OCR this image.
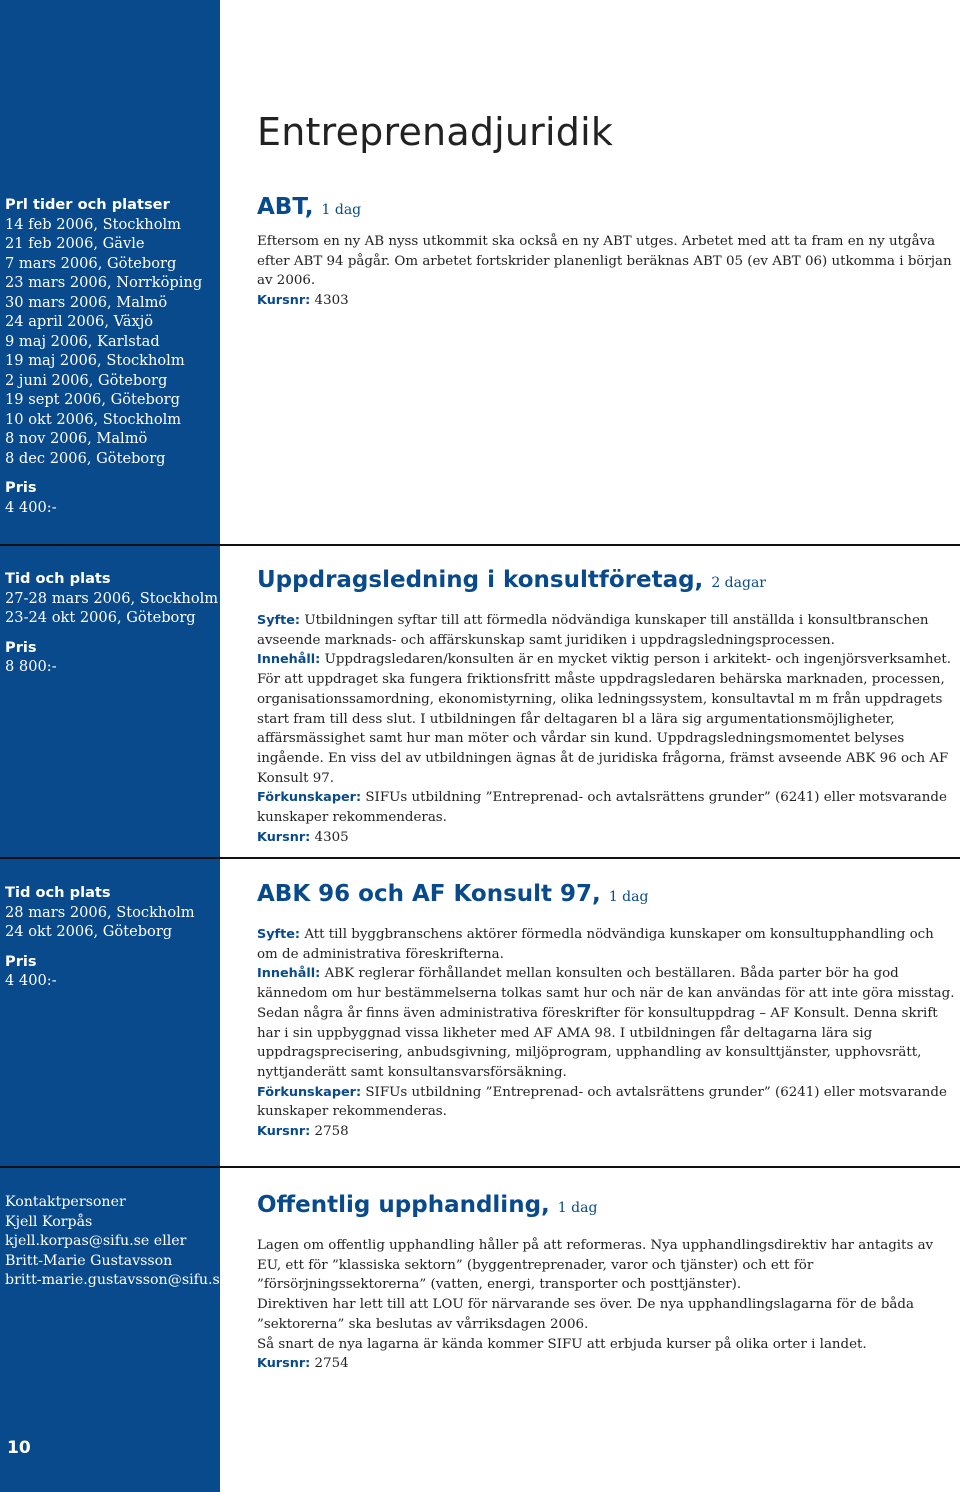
Entreprenadjuridik
Prl tider och platser
14 feb 2006, Stockholm
21 feb 2006, Gävle
7 mars 2006, Göteborg
23 mars 2006, Norrköping
30 mars 2006, Malmö
24 april 2006, Växjö
9 maj 2006, Karlstad
19 maj 2006, Stockholm
2 juni 2006, Göteborg
19 sept 2006, Göteborg
10 okt 2006, Stockholm
8 nov 2006, Malmö
8 dec 2006, Göteborg
Pris
4 400:-
ABT, 1 dag

Eftersom en ny AB nyss utkommit ska också en ny ABT utges. Arbetet med att ta fram en ny utgåva efter ABT 94 pågår. Om arbetet fortskrider planenligt beräknas ABT 05 (ev ABT 06) utkomma i början av 2006.

Kursnr: 4303

Tid och plats
27-28 mars 2006, Stockholm
23-24 okt 2006, Göteborg
Pris
8 800:-
Uppdragsledning i konsultföretag, 2 dagar

Syfte: Utbildningen syftar till att förmedla nödvändiga kunskaper till anställda i konsultbranschen avseende marknads- och affärskunskap samt juridiken i uppdragsledningsprocessen.

Innehåll: Uppdragsledaren/konsulten är en mycket viktig person i arkitekt- och ingenjörsverksamhet. För att uppdraget ska fungera friktionsfritt måste uppdragsledaren behärska marknaden, processen, organisationssamordning, ekonomistyrning, olika ledningssystem, konsultavtal m m från uppdragets start fram till dess slut. I utbildningen får deltagaren bl a lära sig argumentationsmöjligheter, affärsmässighet samt hur man möter och vårdar sin kund. Uppdragsledningsmomentet belyses ingående. En viss del av utbildningen ägnas åt de juridiska frågorna, främst avseende ABK 96 och AF Konsult 97.

Förkunskaper: SIFUs utbildning ”Entreprenad- och avtalsrättens grunder” (6241) eller motsvarande kunskaper rekommenderas.

Kursnr: 4305

Tid och plats
28 mars 2006, Stockholm
24 okt 2006, Göteborg
Pris
4 400:-
ABK 96 och AF Konsult 97, 1 dag

Syfte: Att till byggbranschens aktörer förmedla nödvändiga kunskaper om konsultupphandling och om de administrativa föreskrifterna.

Innehåll: ABK reglerar förhållandet mellan konsulten och beställaren. Båda parter bör ha god kännedom om hur bestämmelserna tolkas samt hur och när de kan användas för att inte göra misstag. Sedan några år finns även administrativa föreskrifter för konsultuppdrag – AF Konsult. Denna skrift har i sin uppbyggnad vissa likheter med AF AMA 98. I utbildningen får deltagarna lära sig uppdragsprecisering, anbudsgivning, miljöprogram, upphandling av konsulttjänster, upphovsrätt, nyttjanderätt samt konsultansvarsförsäkning.

Förkunskaper: SIFUs utbildning ”Entreprenad- och avtalsrättens grunder” (6241) eller motsvarande kunskaper rekommenderas.

Kursnr: 2758

Kontaktpersoner
Kjell Korpås
kjell.korpas@sifu.se eller
Britt-Marie Gustavsson
britt-marie.gustavsson@sifu.se
Offentlig upphandling, 1 dag

Lagen om offentlig upphandling håller på att reformeras. Nya upphandlingsdirektiv har antagits av EU, ett för ”klassiska sektorn” (byggentreprenader, varor och tjänster) och ett för ”försörjningssektorerna” (vatten, energi, transporter och posttjänster).

Direktiven har lett till att LOU för närvarande ses över. De nya upphandlingslagarna för de båda ”sektorerna” ska beslutas av vårriksdagen 2006.

Så snart de nya lagarna är kända kommer SIFU att erbjuda kurser på olika orter i landet.

Kursnr: 2754

10
